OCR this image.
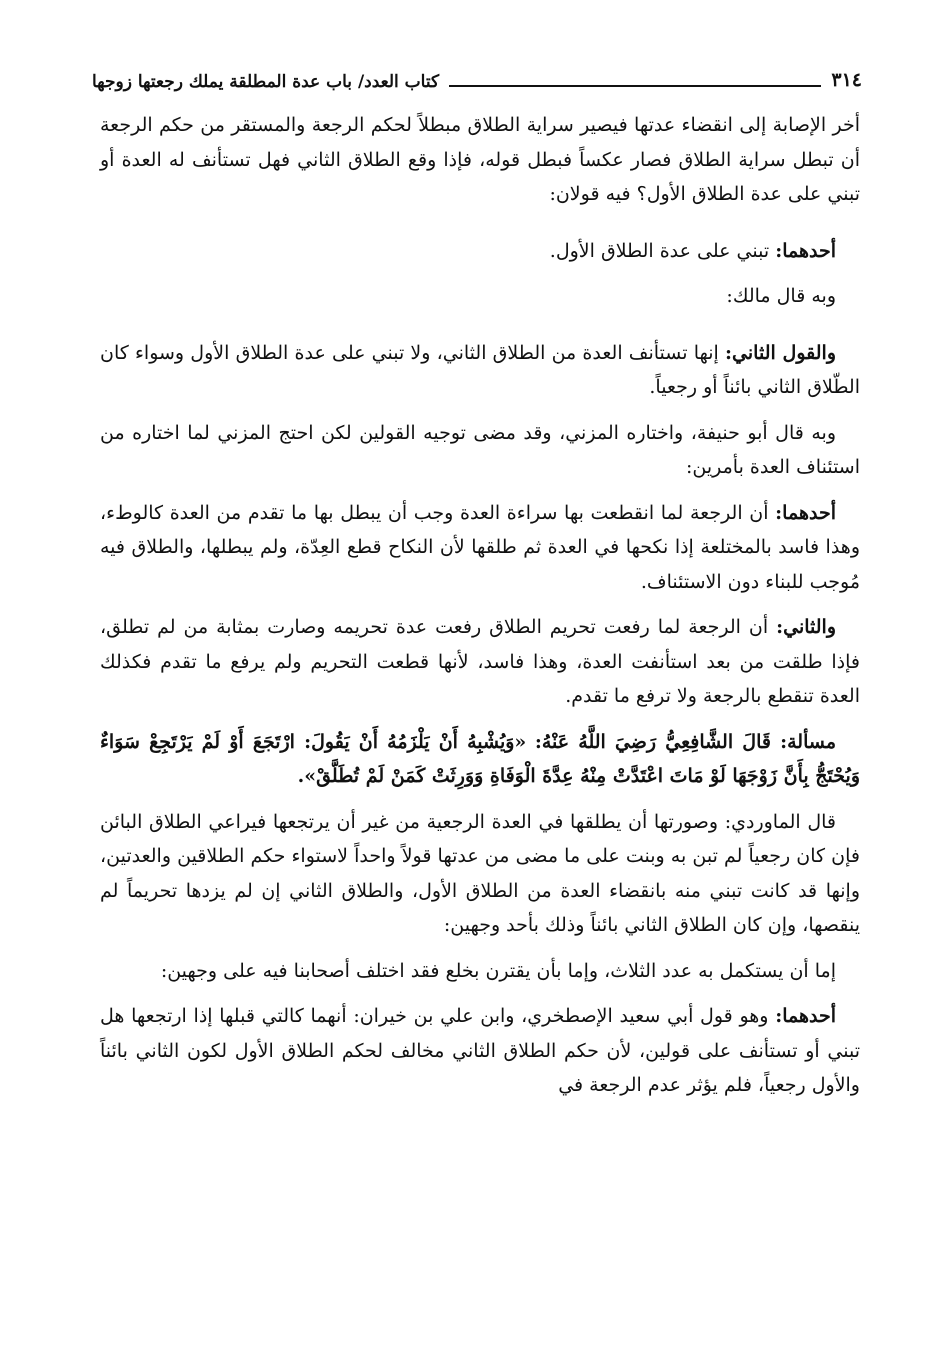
٣١٤
كتاب العدد/ باب عدة المطلقة يملك رجعتها زوجها

أخر الإصابة إلى انقضاء عدتها فيصير سراية الطلاق مبطلاً لحكم الرجعة والمستقر من حكم الرجعة أن تبطل سراية الطلاق فصار عكساً فبطل قوله، فإذا وقع الطلاق الثاني فهل تستأنف له العدة أو تبني على عدة الطلاق الأول؟ فيه قولان:

أحدهما: تبني على عدة الطلاق الأول.

وبه قال مالك:

والقول الثاني: إنها تستأنف العدة من الطلاق الثاني، ولا تبني على عدة الطلاق الأول وسواء كان الطّلاق الثاني بائناً أو رجعياً.

وبه قال أبو حنيفة، واختاره المزني، وقد مضى توجيه القولين لكن احتج المزني لما اختاره من استئناف العدة بأمرين:

أحدهما: أن الرجعة لما انقطعت بها سراءة العدة وجب أن يبطل بها ما تقدم من العدة كالوطء، وهذا فاسد بالمختلعة إذا نكحها في العدة ثم طلقها لأن النكاح قطع العِدّة، ولم يبطلها، والطلاق فيه مُوجب للبناء دون الاستئناف.

والثاني: أن الرجعة لما رفعت تحريم الطلاق رفعت عدة تحريمه وصارت بمثابة من لم تطلق، فإذا طلقت من بعد استأنفت العدة، وهذا فاسد، لأنها قطعت التحريم ولم يرفع ما تقدم فكذلك العدة تنقطع بالرجعة ولا ترفع ما تقدم.

مسألة: قَالَ الشَّافِعِيُّ رَضِيَ اللَّهُ عَنْهُ: «وَيُشْبِهُ أَنْ يَلْزَمُهُ أَنْ يَقُولَ: ارْتَجَعَ أَوْ لَمْ يَرْتَجِعْ سَوَاءٌ وَيُحْتَجُّ بِأَنَّ زَوْجَهَا لَوْ مَاتَ اعْتَدَّتْ مِنْهُ عِدَّةَ الْوَفَاةِ وَوَرِثَتْ كَمَنْ لَمْ تُطَلَّقْ».

قال الماوردي: وصورتها أن يطلقها في العدة الرجعية من غير أن يرتجعها فيراعي الطلاق البائن فإن كان رجعياً لم تبن به وبنت على ما مضى من عدتها قولاً واحداً لاستواء حكم الطلاقين والعدتين، وإنها قد كانت تبني منه بانقضاء العدة من الطلاق الأول، والطلاق الثاني إن لم يزدها تحريماً لم ينقصها، وإن كان الطلاق الثاني بائناً وذلك بأحد وجهين:

إما أن يستكمل به عدد الثلاث، وإما بأن يقترن بخلع فقد اختلف أصحابنا فيه على وجهين:

أحدهما: وهو قول أبي سعيد الإصطخري، وابن علي بن خيران: أنهما كالتي قبلها إذا ارتجعها هل تبني أو تستأنف على قولين، لأن حكم الطلاق الثاني مخالف لحكم الطلاق الأول لكون الثاني بائناً والأول رجعياً، فلم يؤثر عدم الرجعة في
